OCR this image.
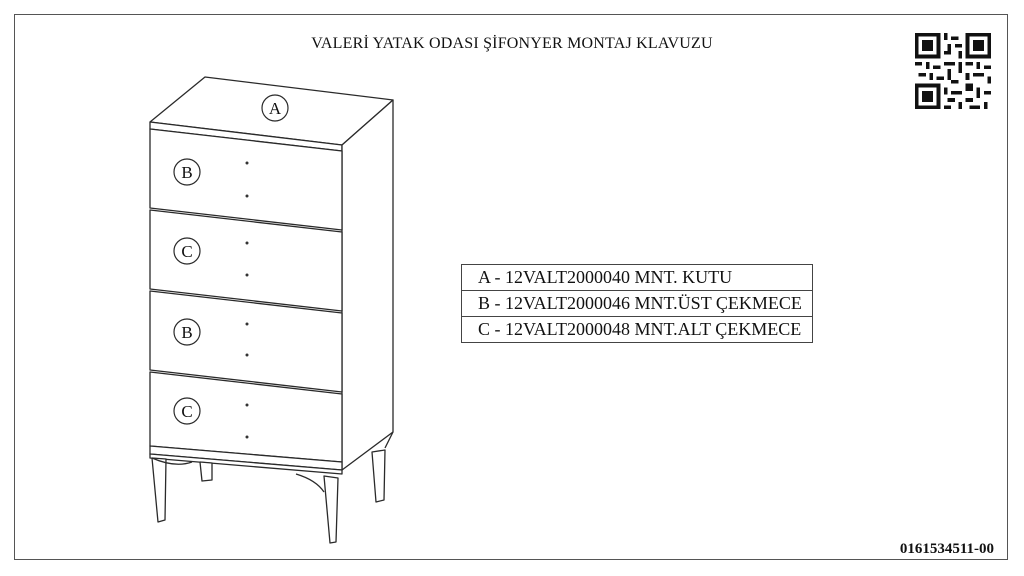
VALERİ YATAK ODASI ŞİFONYER MONTAJ KLAVUZU
A
B
C
B
C
A - 12VALT2000040 MNT. KUTU
B - 12VALT2000046 MNT.ÜST ÇEKMECE
C - 12VALT2000048 MNT.ALT ÇEKMECE
0161534511-00
